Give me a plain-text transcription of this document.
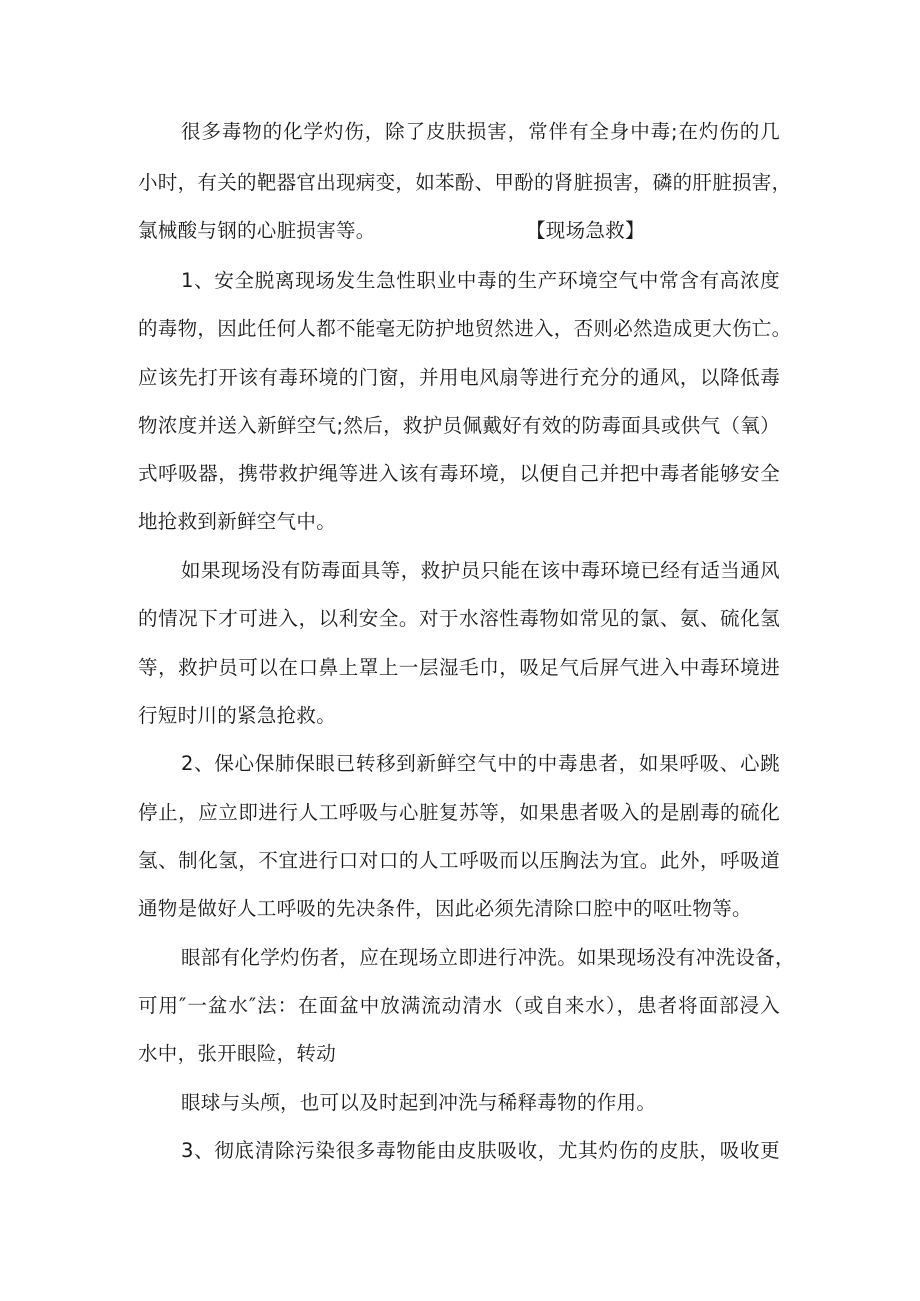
很多毒物的化学灼伤，除了皮肤损害，常伴有全身中毒;在灼伤的几

小时，有关的靶器官出现病变，如苯酚、甲酚的肾脏损害，磷的肝脏损害，

氯械酸与钢的心脏损害等。	【现场急救】

1、安全脱离现场发生急性职业中毒的生产环境空气中常含有高浓度

的毒物，因此任何人都不能毫无防护地贸然进入，否则必然造成更大伤亡。

应该先打开该有毒环境的门窗，并用电风扇等进行充分的通风，以降低毒

物浓度并送入新鲜空气;然后，救护员佩戴好有效的防毒面具或供气（氧）

式呼吸器，携带救护绳等进入该有毒环境，以便自己并把中毒者能够安全

地抢救到新鲜空气中。

如果现场没有防毒面具等，救护员只能在该中毒环境已经有适当通风

的情况下才可进入，以利安全。对于水溶性毒物如常见的氯、氨、硫化氢

等，救护员可以在口鼻上罩上一层湿毛巾，吸足气后屏气进入中毒环境进

行短时川的紧急抢救。

2、保心保肺保眼已转移到新鲜空气中的中毒患者，如果呼吸、心跳

停止，应立即进行人工呼吸与心脏复苏等，如果患者吸入的是剧毒的硫化

氢、制化氢，不宜进行口对口的人工呼吸而以压胸法为宜。此外，呼吸道

通物是做好人工呼吸的先决条件，因此必须先清除口腔中的呕吐物等。

眼部有化学灼伤者，应在现场立即进行冲洗。如果现场没有冲洗设备，

可用″一盆水″法：在面盆中放满流动清水（或自来水），患者将面部浸入

水中，张开眼险，转动

眼球与头颅，也可以及时起到冲洗与稀释毒物的作用。

3、彻底清除污染很多毒物能由皮肤吸收，尤其灼伤的皮肤，吸收更
